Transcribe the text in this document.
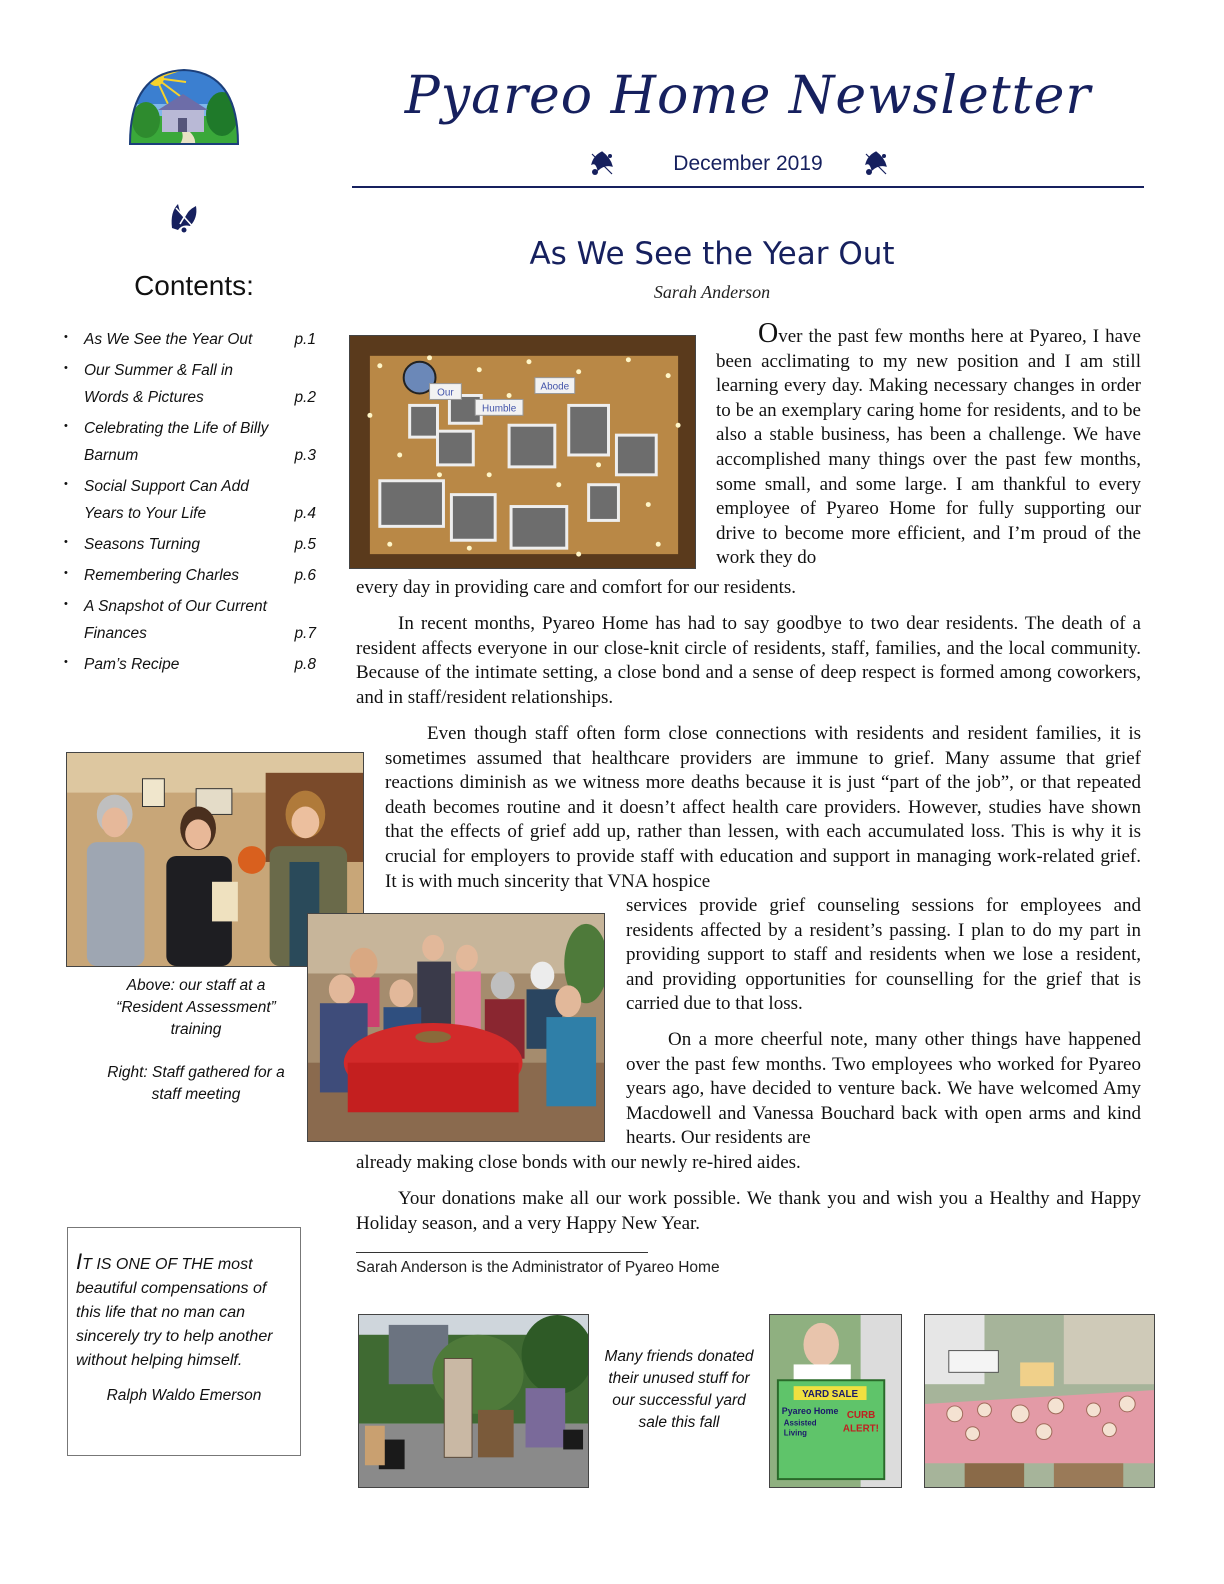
Pyareo Home Newsletter
December 2019
Contents:
• As We See the Year Out	p.1
• Our Summer & Fall in Words & Pictures	p.2
• Celebrating the Life of Billy Barnum	p.3
• Social Support Can Add Years to Your Life	p.4
• Seasons Turning	p.5
• Remembering Charles	p.6
• A Snapshot of Our Current Finances	p.7
• Pam’s Recipe	p.8
As We See the Year Out
Sarah Anderson
Our
Humble
Abode

Over the past few months here at Pyareo, I have been acclimating to my new position and I am still learning every day. Making necessary changes in order to be an exemplary caring home for residents, and to be also a stable business, has been a challenge. We have accomplished many things over the past few months, some small, and some large. I am thankful to every employee of Pyareo Home for fully supporting our drive to become more efficient, and I’m proud of the work they do

every day in providing care and comfort for our residents.

In recent months, Pyareo Home has had to say goodbye to two dear residents. The death of a resident affects everyone in our close-knit circle of residents, staff, families, and the local community. Because of the intimate setting, a close bond and a sense of deep respect is formed among coworkers, and in staff/resident relationships.

Even though staff often form close connections with residents and resident families, it is sometimes assumed that healthcare providers are immune to grief. Many assume that grief reactions diminish as we witness more deaths because it is just “part of the job”, or that repeated death becomes routine and it doesn’t affect health care providers. However, studies have shown that the effects of grief add up, rather than lessen, with each accumulated loss. This is why it is crucial for employers to provide staff with education and support in managing work-related grief. It is with much sincerity that VNA hospice

services provide grief counseling sessions for employees and residents affected by a resident’s passing. I plan to do my part in providing support to staff and residents when we lose a resident, and providing opportunities for counselling for the grief that is carried due to that loss.

On a more cheerful note, many other things have happened over the past few months. Two employees who worked for Pyareo years ago, have decided to venture back. We have welcomed Amy Macdowell and Vanessa Bouchard back with open arms and kind hearts. Our residents are

already making close bonds with our newly re-hired aides.

Your donations make all our work possible. We thank you and wish you a Healthy and Happy Holiday season, and a very Happy New Year.

Sarah Anderson is the Administrator of Pyareo Home
Above: our staff at a “Resident Assessment” training
Right: Staff gathered for a staff meeting

IT IS ONE OF THE most beautiful compensations of this life that no man can sincerely try to help another without helping himself.

Ralph Waldo Emerson
Many friends donated their unused stuff for our successful yard sale this fall
YARD SALE
Pyareo Home
Assisted
Living
CURB
ALERT!
